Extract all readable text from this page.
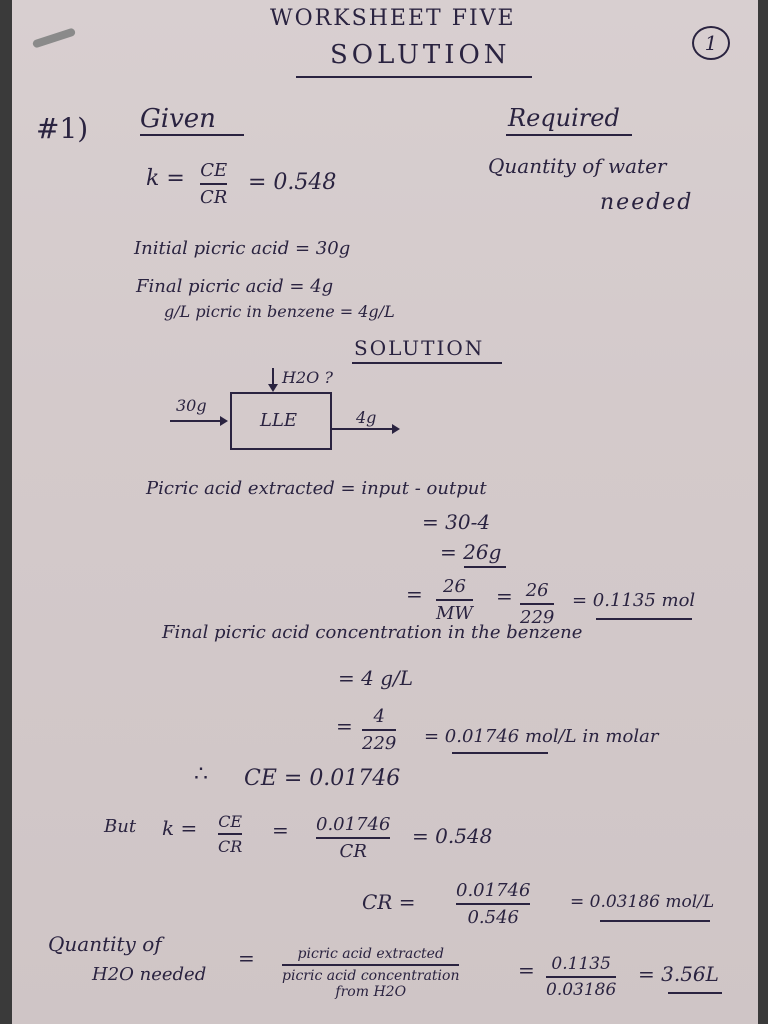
WORKSHEET FIVE
SOLUTION	1
#1) Given	Required
k = CE
CR
= 0.548
Quantity of water
needed
Initial picric acid = 30g
Final picric acid = 4g
g/L picric in benzene = 4g/L
SOLUTION
H2O ?
30g
LLE	4g
Picric acid extracted = input - output
= 30-4
= 26g
= 26
MW
= 26
229
= 0.1135 mol
Final picric acid concentration in the benzene
= 4 g/L
= 4
229 = 0.01746 mol/L in molar
∴ CE = 0.01746
But k = CE
CR
= 0.01746
CR
= 0.548
CR = 0.01746
0.546
= 0.03186 mol/L
Quantity of
H2O needed
=	picric acid extracted
picric acid concentration
from H2O
= 0.1135
0.03186
= 3.56L
